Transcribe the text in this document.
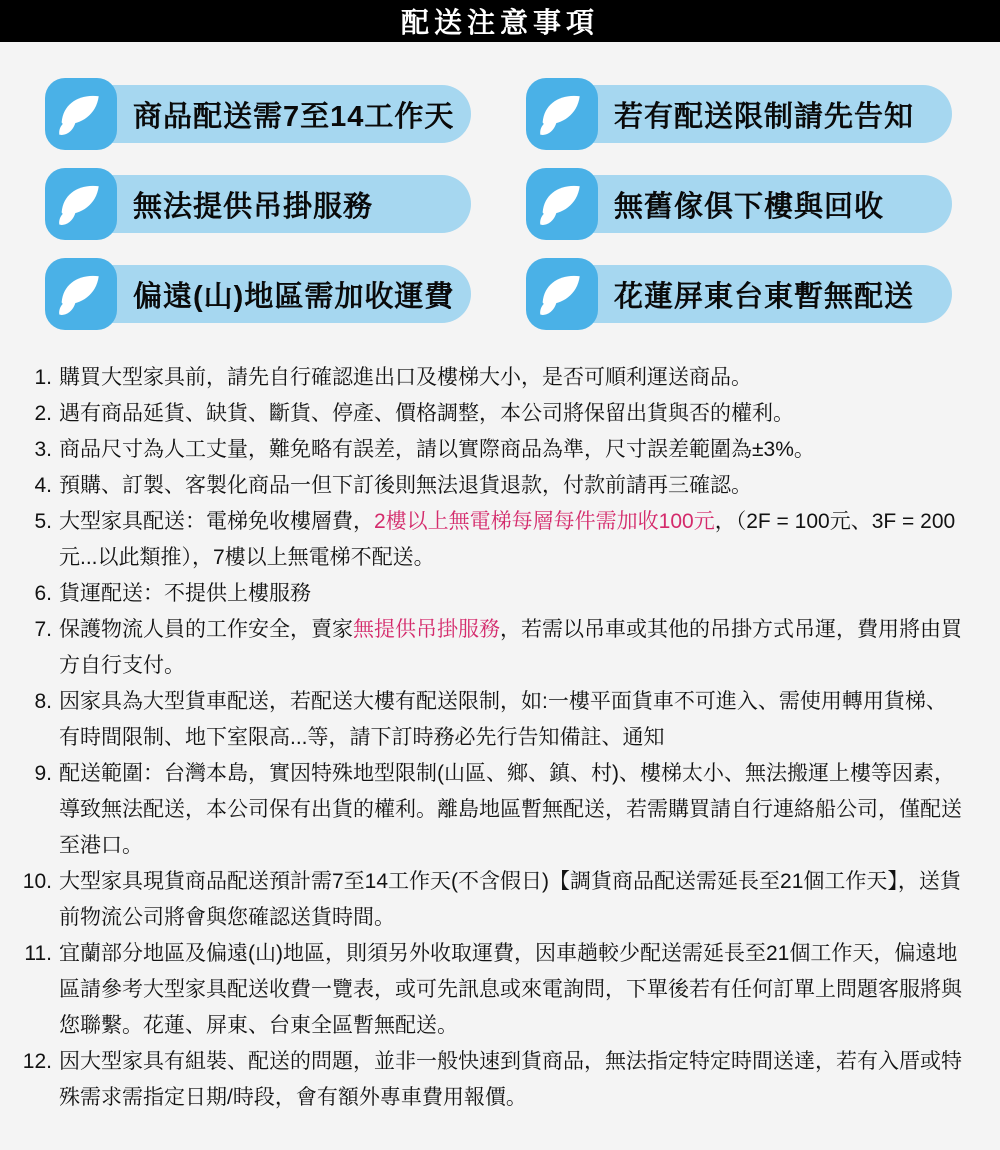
配送注意事項
商品配送需7至14工作天	若有配送限制請先告知
無法提供吊掛服務	無舊傢俱下樓與回收
偏遠(山)地區需加收運費	花蓮屏東台東暫無配送
1. 購買大型家具前，請先自行確認進出口及樓梯大小，是否可順利運送商品。
2. 遇有商品延貨、缺貨、斷貨、停產、價格調整，本公司將保留出貨與否的權利。
3. 商品尺寸為人工丈量，難免略有誤差，請以實際商品為準，尺寸誤差範圍為±3%。
4. 預購、訂製、客製化商品一但下訂後則無法退貨退款，付款前請再三確認。
5. 大型家具配送：電梯免收樓層費，2樓以上無電梯每層每件需加收100元，（2F = 100元、3F = 200元...以此類推），7樓以上無電梯不配送。
6. 貨運配送：不提供上樓服務
7. 保護物流人員的工作安全，賣家無提供吊掛服務，若需以吊車或其他的吊掛方式吊運，費用將由買方自行支付。
8. 因家具為大型貨車配送，若配送大樓有配送限制，如:一樓平面貨車不可進入、需使用轉用貨梯、有時間限制、地下室限高...等，請下訂時務必先行告知備註、通知
9. 配送範圍：台灣本島，實因特殊地型限制(山區、鄉、鎮、村)、樓梯太小、無法搬運上樓等因素，導致無法配送，本公司保有出貨的權利。離島地區暫無配送，若需購買請自行連絡船公司，僅配送至港口。
10. 大型家具現貨商品配送預計需7至14工作天(不含假日)【調貨商品配送需延長至21個工作天】，送貨前物流公司將會與您確認送貨時間。
11. 宜蘭部分地區及偏遠(山)地區，則須另外收取運費，因車趟較少配送需延長至21個工作天，偏遠地區請參考大型家具配送收費一覽表，或可先訊息或來電詢問，下單後若有任何訂單上問題客服將與您聯繫。花蓮、屏東、台東全區暫無配送。
12. 因大型家具有組裝、配送的問題，並非一般快速到貨商品，無法指定特定時間送達，若有入厝或特殊需求需指定日期/時段，會有額外專車費用報價。
